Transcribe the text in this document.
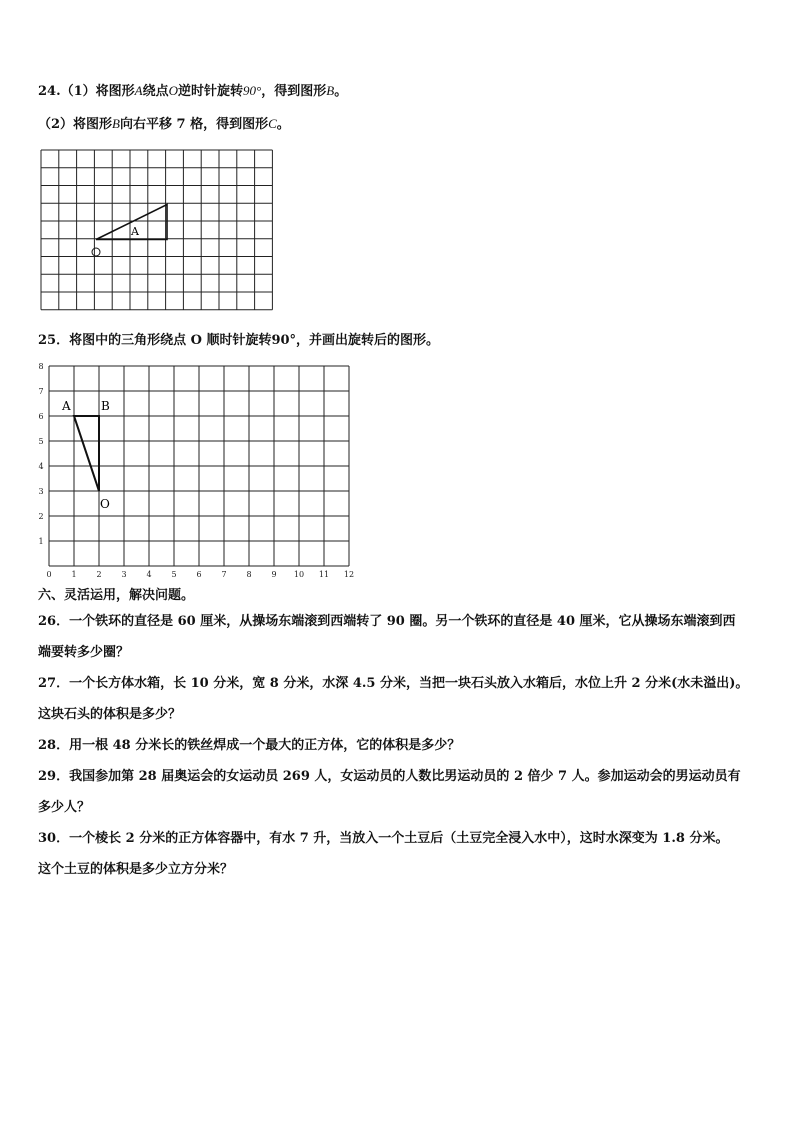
24.（1）将图形A绕点O逆时针旋转90°，得到图形B。
（2）将图形B向右平移 7 格，得到图形C。
A
25．将图中的三角形绕点 O 顺时针旋转90°，并画出旋转后的图形。
0 1 2 3 4 5 6 7 8 9 10 11 12
1
2
3
4
5
6
7
8
A	B
O
六、灵活运用，解决问题。
26．一个铁环的直径是 60 厘米，从操场东端滚到西端转了 90 圈。另一个铁环的直径是 40 厘米，它从操场东端滚到西
端要转多少圈？
27．一个长方体水箱，长 10 分米，宽 8 分米，水深 4.5 分米，当把一块石头放入水箱后，水位上升 2 分米(水未溢出)。
这块石头的体积是多少？
28．用一根 48 分米长的铁丝焊成一个最大的正方体，它的体积是多少？
29．我国参加第 28 届奥运会的女运动员 269 人，女运动员的人数比男运动员的 2 倍少 7 人。参加运动会的男运动员有
多少人？
30．一个棱长 2 分米的正方体容器中，有水 7 升，当放入一个土豆后（土豆完全浸入水中），这时水深变为 1.8 分米。
这个土豆的体积是多少立方分米？
